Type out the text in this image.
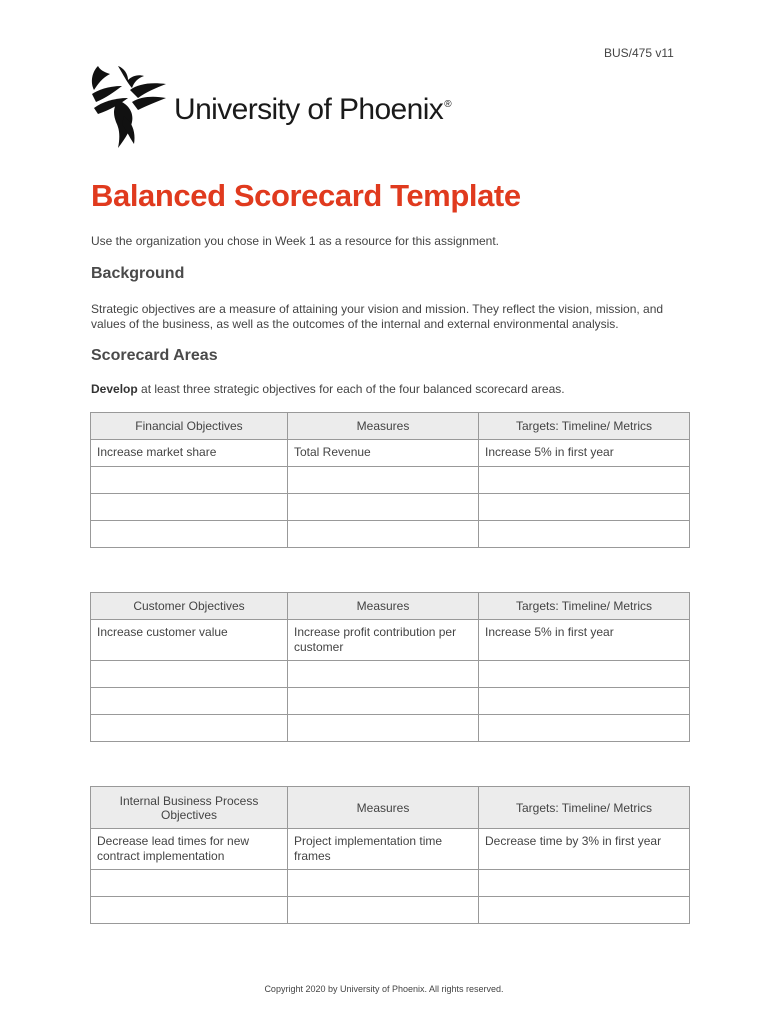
BUS/475 v11
University of Phoenix®
Balanced Scorecard Template

Use the organization you chose in Week 1 as a resource for this assignment.

Background

Strategic objectives are a measure of attaining your vision and mission. They reflect the vision, mission, and values of the business, as well as the outcomes of the internal and external environmental analysis.

Scorecard Areas

Develop at least three strategic objectives for each of the four balanced scorecard areas.

Financial Objectives	Measures	Targets: Timeline/ Metrics
Increase market share	Total Revenue	Increase 5% in first year

Customer Objectives	Measures	Targets: Timeline/ Metrics
Increase customer value	Increase profit contribution per customer	Increase 5% in first year

Internal Business Process Objectives	Measures	Targets: Timeline/ Metrics
Decrease lead times for new contract implementation	Project implementation time frames	Decrease time by 3% in first year

Copyright 2020 by University of Phoenix. All rights reserved.
